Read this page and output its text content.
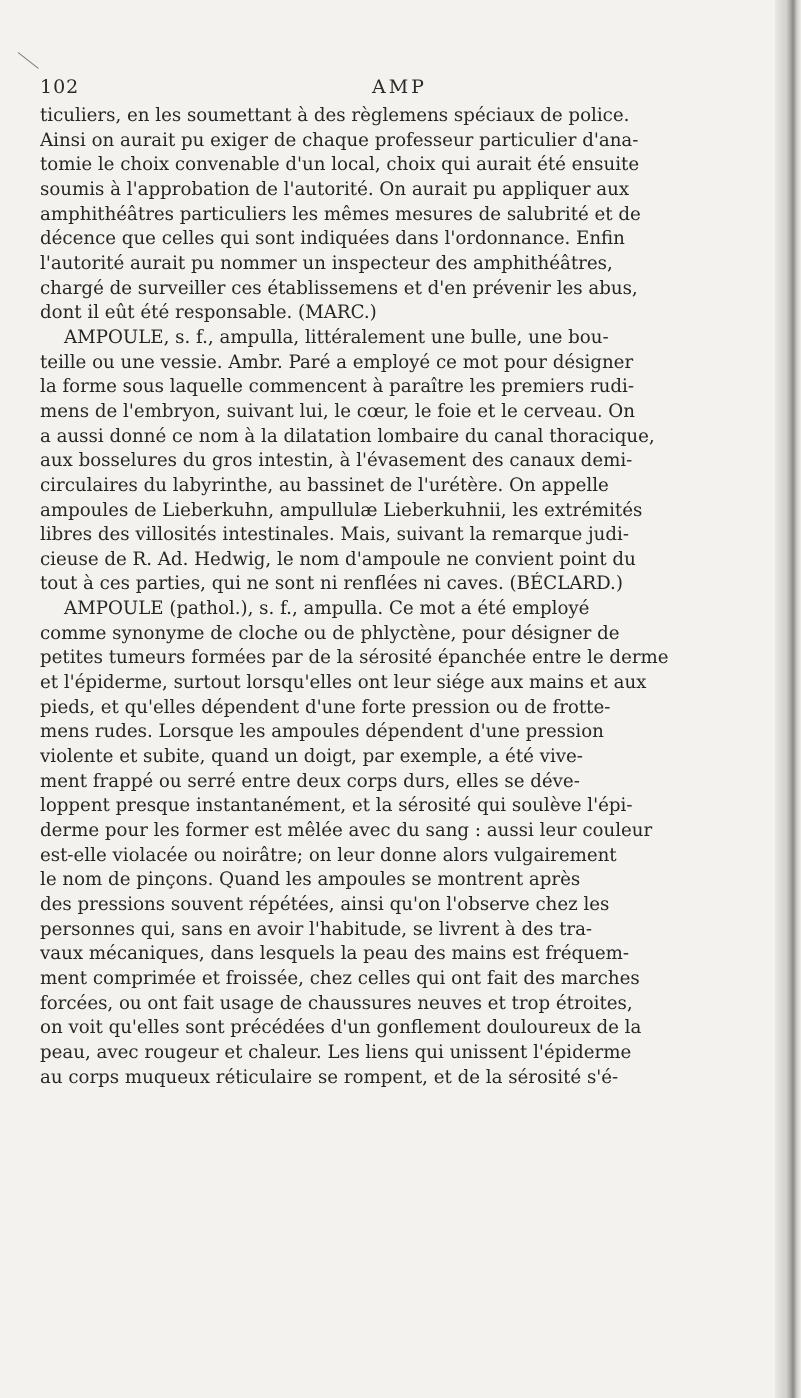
102	AMP
ticuliers, en les soumettant à des règlemens spéciaux de police.
Ainsi on aurait pu exiger de chaque professeur particulier d'ana-
tomie le choix convenable d'un local, choix qui aurait été ensuite
soumis à l'approbation de l'autorité. On aurait pu appliquer aux
amphithéâtres particuliers les mêmes mesures de salubrité et de
décence que celles qui sont indiquées dans l'ordonnance. Enfin
l'autorité aurait pu nommer un inspecteur des amphithéâtres,
chargé de surveiller ces établissemens et d'en prévenir les abus,
dont il eût été responsable. (MARC.)
AMPOULE, s. f., ampulla, littéralement une bulle, une bou-
teille ou une vessie. Ambr. Paré a employé ce mot pour désigner
la forme sous laquelle commencent à paraître les premiers rudi-
mens de l'embryon, suivant lui, le cœur, le foie et le cerveau. On
a aussi donné ce nom à la dilatation lombaire du canal thoracique,
aux bosselures du gros intestin, à l'évasement des canaux demi-
circulaires du labyrinthe, au bassinet de l'urétère. On appelle
ampoules de Lieberkuhn, ampullulæ Lieberkuhnii, les extrémités
libres des villosités intestinales. Mais, suivant la remarque judi-
cieuse de R. Ad. Hedwig, le nom d'ampoule ne convient point du
tout à ces parties, qui ne sont ni renflées ni caves. (BÉCLARD.)
AMPOULE (pathol.), s. f., ampulla. Ce mot a été employé
comme synonyme de cloche ou de phlyctène, pour désigner de
petites tumeurs formées par de la sérosité épanchée entre le derme
et l'épiderme, surtout lorsqu'elles ont leur siége aux mains et aux
pieds, et qu'elles dépendent d'une forte pression ou de frotte-
mens rudes. Lorsque les ampoules dépendent d'une pression
violente et subite, quand un doigt, par exemple, a été vive-
ment frappé ou serré entre deux corps durs, elles se déve-
loppent presque instantanément, et la sérosité qui soulève l'épi-
derme pour les former est mêlée avec du sang : aussi leur couleur
est-elle violacée ou noirâtre; on leur donne alors vulgairement
le nom de pinçons. Quand les ampoules se montrent après
des pressions souvent répétées, ainsi qu'on l'observe chez les
personnes qui, sans en avoir l'habitude, se livrent à des tra-
vaux mécaniques, dans lesquels la peau des mains est fréquem-
ment comprimée et froissée, chez celles qui ont fait des marches
forcées, ou ont fait usage de chaussures neuves et trop étroites,
on voit qu'elles sont précédées d'un gonflement douloureux de la
peau, avec rougeur et chaleur. Les liens qui unissent l'épiderme
au corps muqueux réticulaire se rompent, et de la sérosité s'é-
